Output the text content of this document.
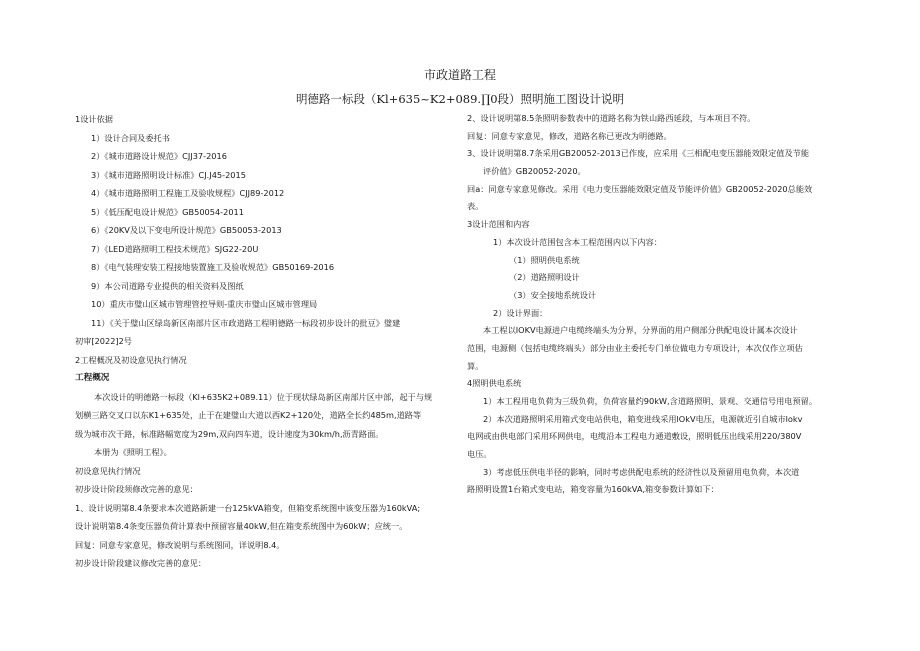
市政道路工程
明德路一标段（Kl+635~K2+089.∏0段）照明施工图设计说明
1设计依据
1）设计合同及委托书
2）《城市道路设计规范》CJJ37-2016
3）《城市道路照明设计标准》CJ.J45-2015
4）《城市道路照明工程施工及验收规程》CJJ89-2012
5）《低压配电设计规范》GB50054-2011
6）《20KV及以下变电所设计规范》GB50053-2013
7）《LED道路照明工程技术规范》SJG22-20U
8）《电气装理安装工程接地装置施工及验收规范》GB50169-2016
9）本公司道路专业提供的相关资料及图纸
10）重庆市璧山区城市管理管控导则-重庆市璧山区城市管理局
11）《关于璧山区绿岛新区南部片区市政道路工程明德路一标段初步设计的批豆》璧建
初审[2022]2号
2工程概况及初设意见执行情况
工程概况
本次设计的明德路一标段（Kl+635K2+089.11）位于现状绿岛新区南部片区中部，起于与规
划横三路交叉口以东K1+635处，止于在建璧山大道以西K2+120处，道路全长约485m,道路等
级为城市次干路，标准路幅宽度为29m,双向四车道，设计速度为30km/h,沥青路面。
本册为《照明工程》。
初设意见执行情况
初步设计阶段须修改完善的意见：
1、设计说明第8.4条要求本次道路新建一台125kVA箱变，但箱变系统图中该变压器为160kVA;
设计说明第8.4条变压器负荷计算表中预留容量40kW,但在箱变系统图中为60kW；应统一。
回复：同意专家意见，修改说明与系统图同，详说明8.4。
初步设计阶段建议修改完善的意见：
2、设计说明第8.5条照明参数表中的道路名称为铁山路西延段，与本项目不符。
回复：同意专家意见，修改，道路名称已更改为明德路。
3、设计说明第8.7条采用GB20052-2013已作废，应采用《三相配电变压器能效限定值及节能
评价值》GB20052-2020。
回a：同意专家意见修改。采用《电力变压器能效限定值及节能评价值》GB20052-2020总能效
表。
3设计范围和内容
1）本次设计范围包含本工程范围内以下内容：
（1）照明供电系统
（2）道路照明设计
（3）安全接地系统设计
2）设计界面：
本工程以IOKV电源进户电缆终端头为分界，分界面的用户侧部分供配电设计属本次设计
范围，电源侧（包括电缆终端头）部分由业主委托专门单位做电力专项设计，本次仅作立项估
算。
4照明供电系统
1）本工程用电负荷为三级负荷，负荷容量约90kW,含道路照明、景观、交通信号用电预留。
2）本次道路照明采用箱式变电站供电，箱变进线采用lOkV电压，电源就近引自城市lokv
电网或由供电部门采用环网供电，电缆沿本工程电力通道敷设，照明低压出线采用220/380V
电压。
3）考虑低压供电半径的影响，同时考虑供配电系统的经济性以及预留用电负荷，本次道
路照明设置1台箱式变电站，箱变容量为160kVA,箱变参数计算如下：
